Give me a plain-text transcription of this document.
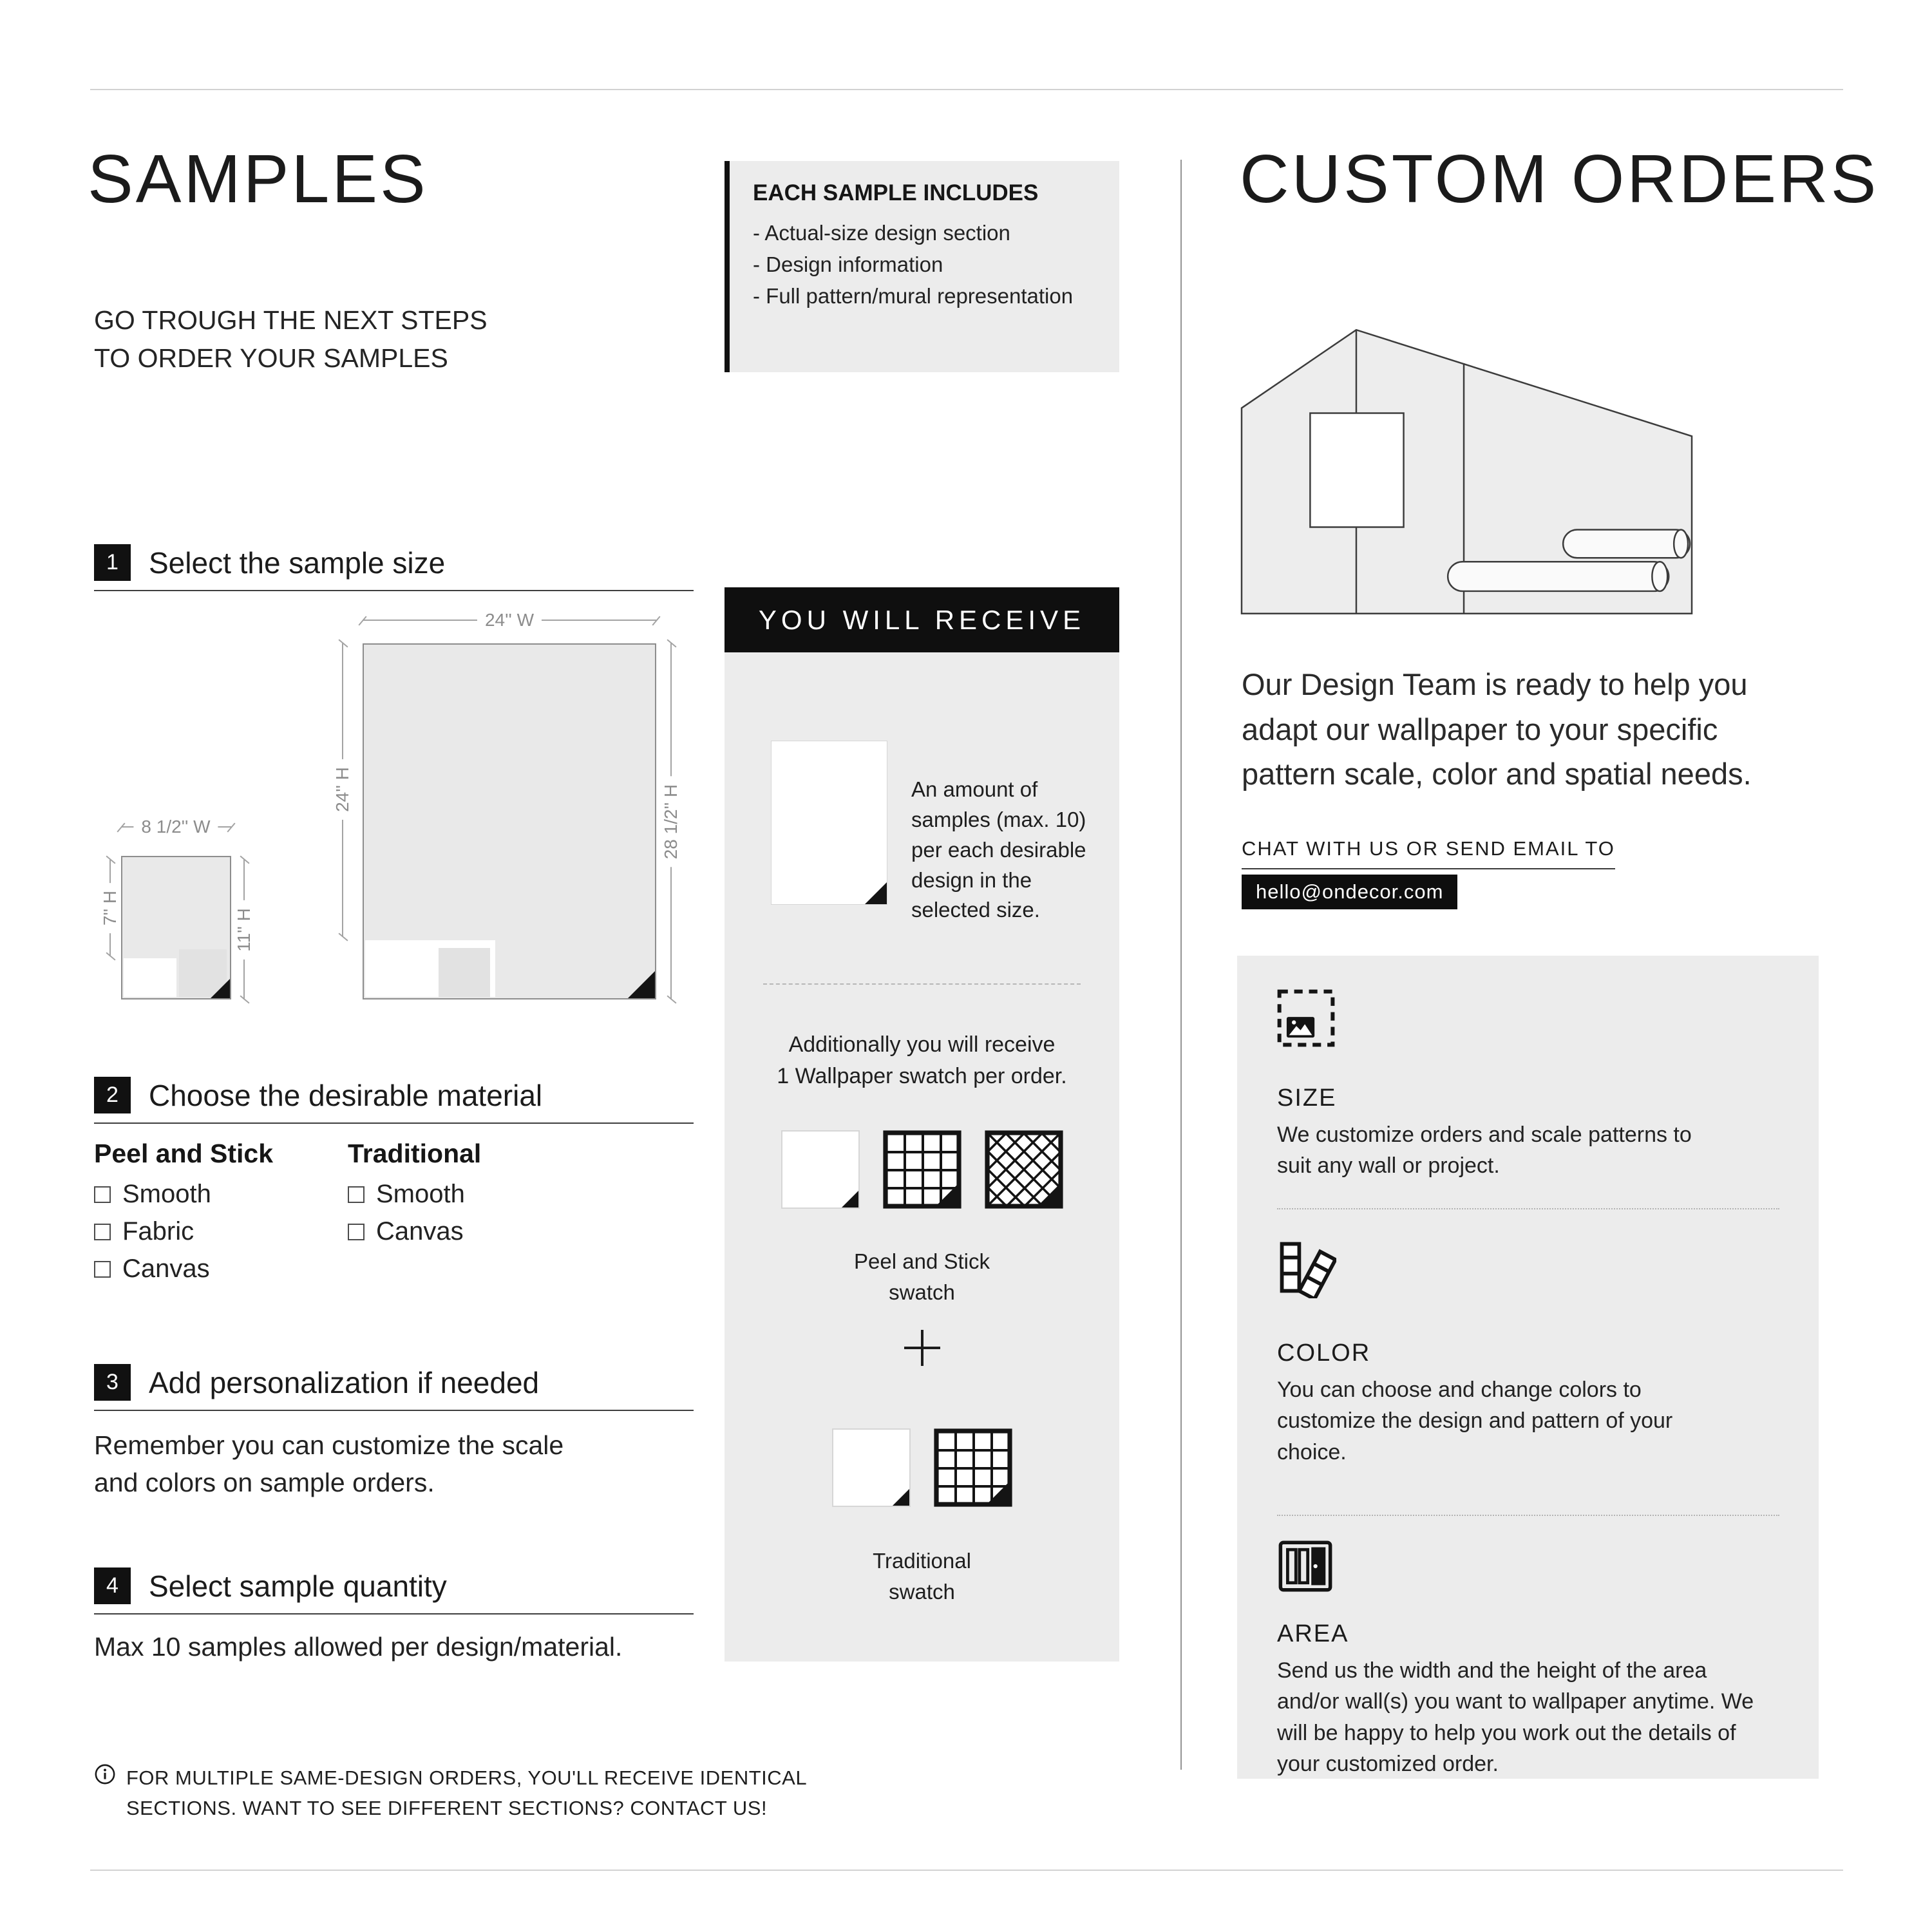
SAMPLES
GO TROUGH THE NEXT STEPS
TO ORDER YOUR SAMPLES
EACH SAMPLE INCLUDES
- Actual-size design section
- Design information
- Full pattern/mural representation
1	Select the sample size
24'' W
24'' H	28 1/2'' H
8 1/2'' W
7'' H
11'' H
2	Choose the desirable material
Peel and Stick
Smooth
Fabric
Canvas
Traditional
Smooth
Canvas
3	Add personalization if needed
Remember you can customize the scale and colors on sample orders.
4	Select sample quantity
Max 10 samples allowed per design/material.
FOR MULTIPLE SAME-DESIGN ORDERS, YOU'LL RECEIVE IDENTICAL
SECTIONS. WANT TO SEE DIFFERENT SECTIONS? CONTACT US!
YOU WILL RECEIVE
An amount of samples (max. 10) per each desirable design in the selected size.
Additionally you will receive
1 Wallpaper swatch per order.
Peel and Stick
swatch
Traditional
swatch
CUSTOM ORDERS
Our Design Team is ready to help you adapt our wallpaper to your specific pattern scale, color and spatial needs.
CHAT WITH US OR SEND EMAIL TO
hello@ondecor.com
SIZE
We customize orders and scale patterns to suit any wall or project.
COLOR
You can choose and change colors to customize the design and pattern of your choice.
AREA
Send us the width and the height of the area and/or wall(s) you want to wallpaper anytime. We will be happy to help you work out the details of your customized order.
